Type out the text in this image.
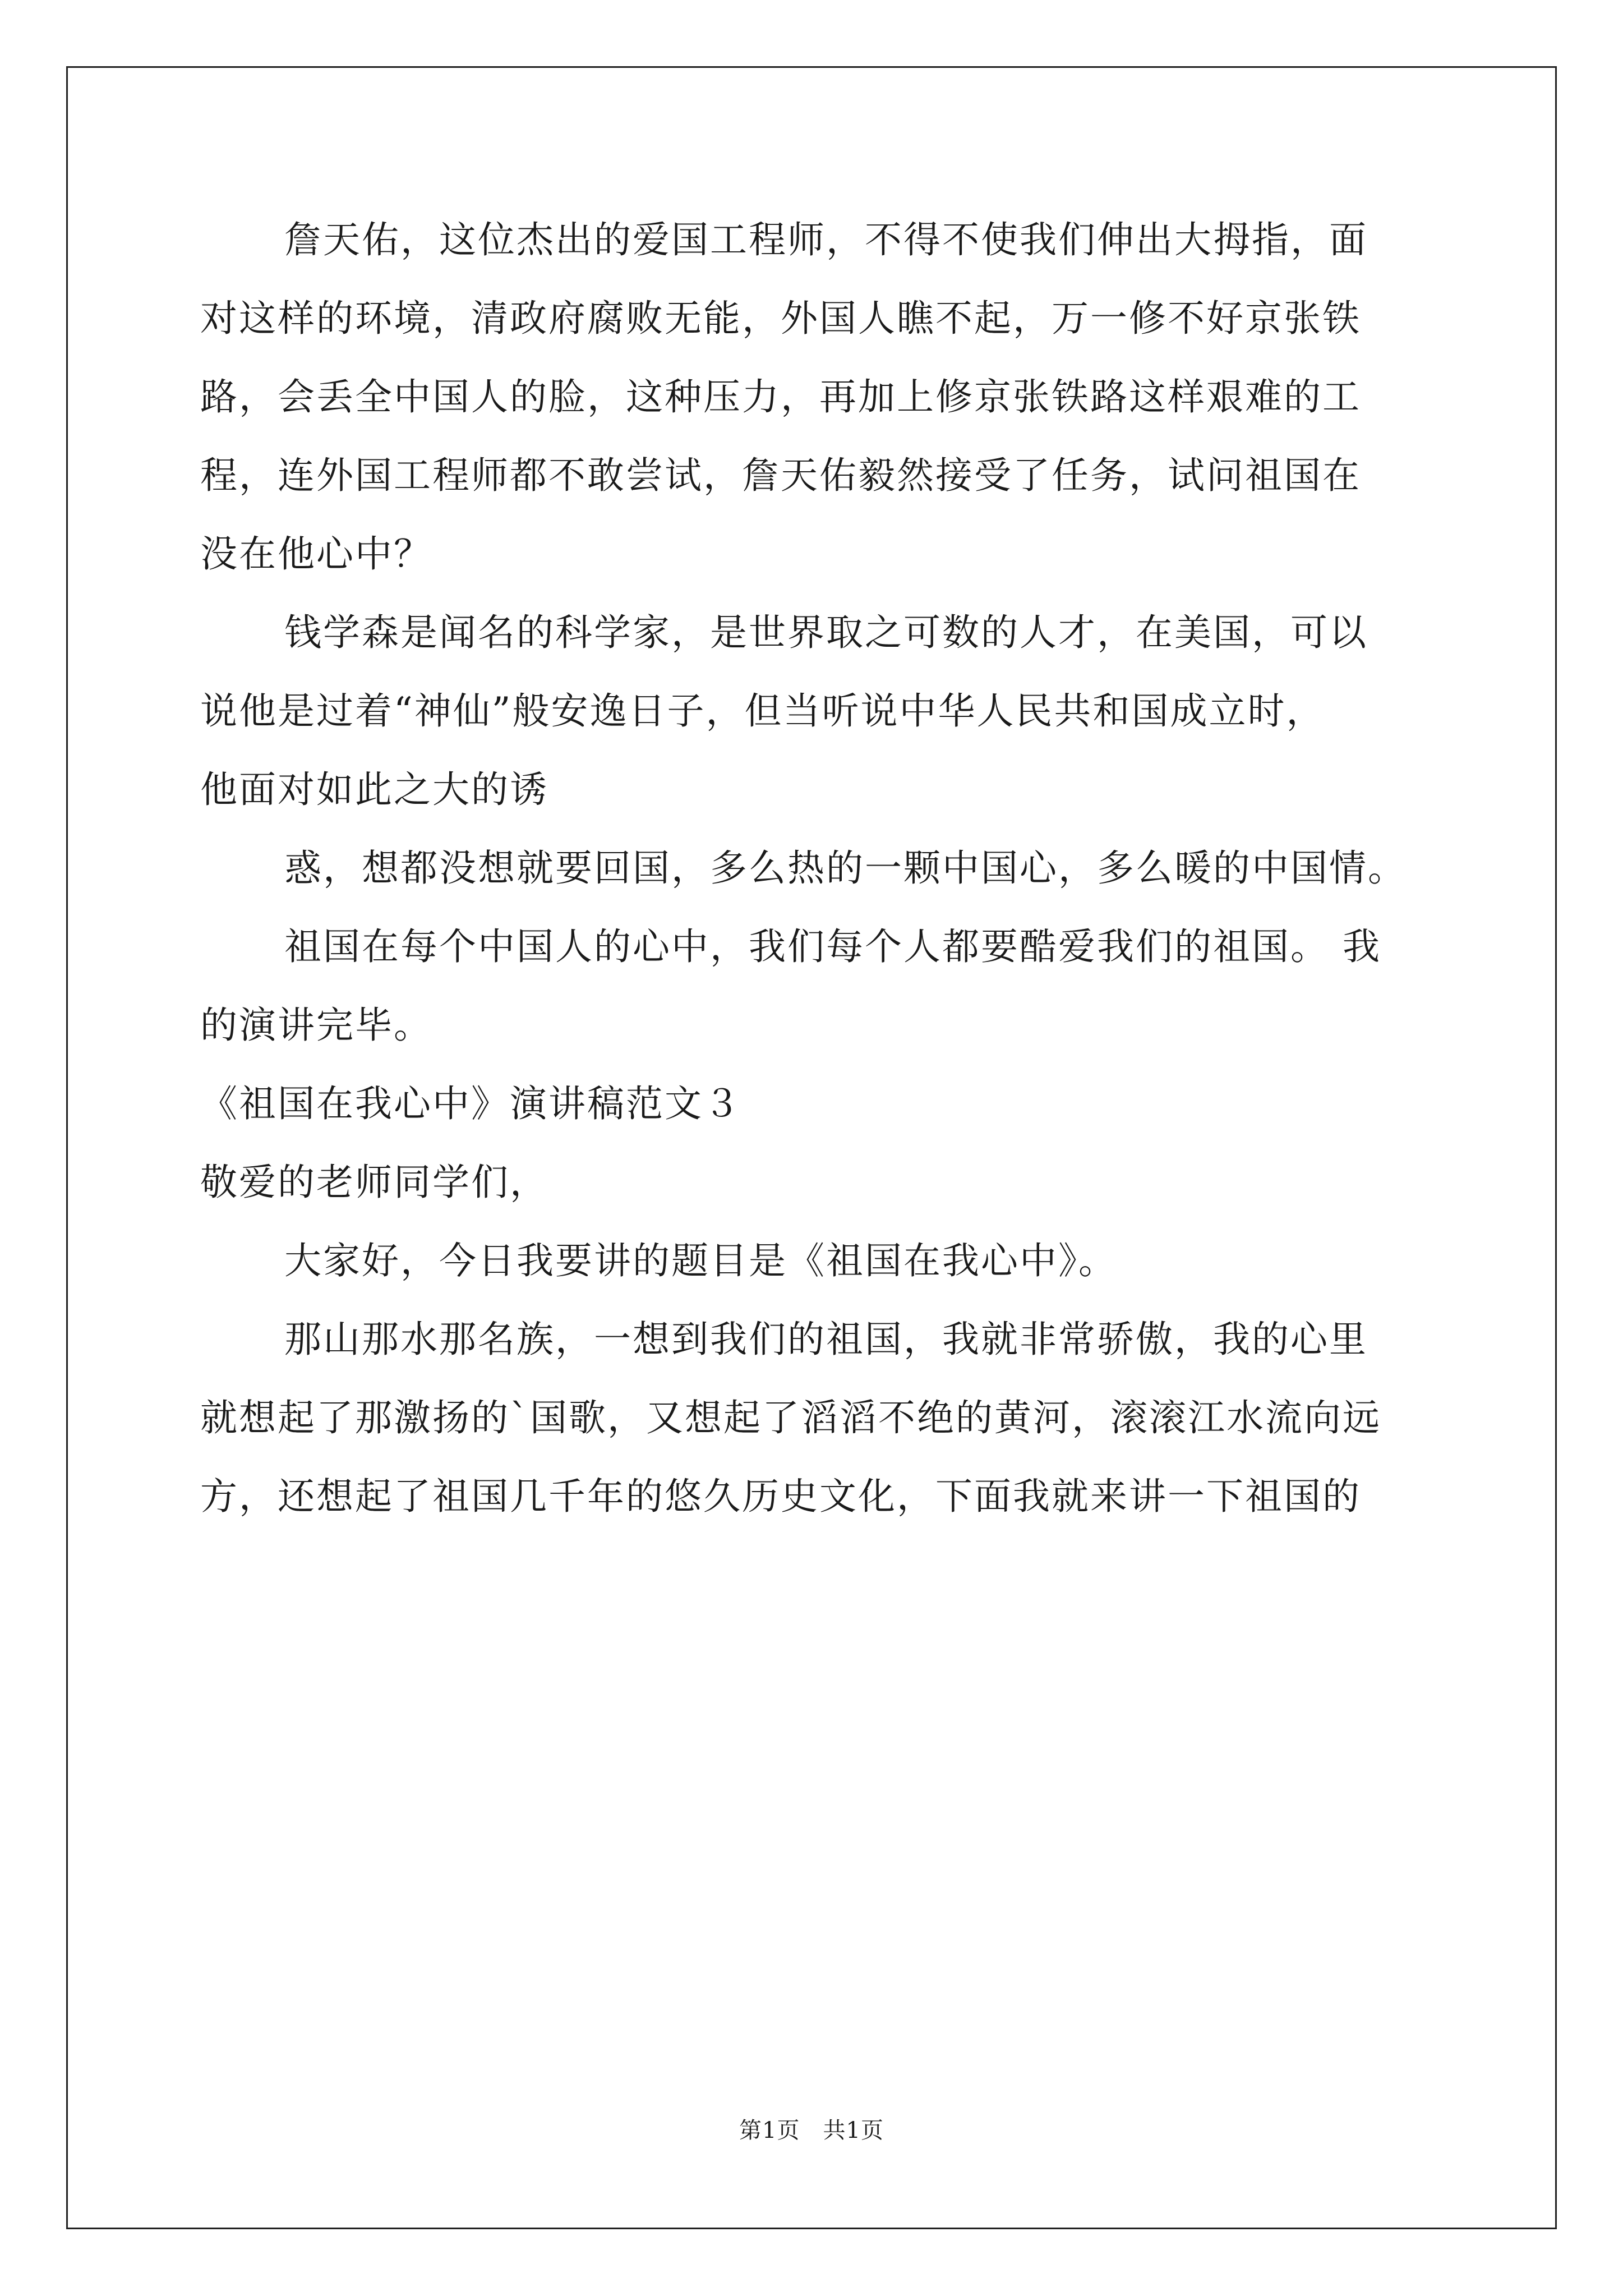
詹天佑，这位杰出的爱国工程师，不得不使我们伸出大拇指，面
对这样的环境，清政府腐败无能，外国人瞧不起，万一修不好京张铁
路，会丢全中国人的脸，这种压力，再加上修京张铁路这样艰难的工
程，连外国工程师都不敢尝试，詹天佑毅然接受了任务，试问祖国在
没在他心中？
钱学森是闻名的科学家，是世界取之可数的人才，在美国，可以
说他是过着“神仙”般安逸日子，但当听说中华人民共和国成立时，
他面对如此之大的诱
惑，想都没想就要回国，多么热的一颗中国心，多么暖的中国情。
祖国在每个中国人的心中，我们每个人都要酷爱我们的祖国。 我
的演讲完毕。
《祖国在我心中》演讲稿范文３
敬爱的老师同学们，
大家好，今日我要讲的题目是《祖国在我心中》。
那山那水那名族，一想到我们的祖国，我就非常骄傲，我的心里
就想起了那激扬的`国歌，又想起了滔滔不绝的黄河，滚滚江水流向远
方，还想起了祖国几千年的悠久历史文化，下面我就来讲一下祖国的
第1页　共1页
